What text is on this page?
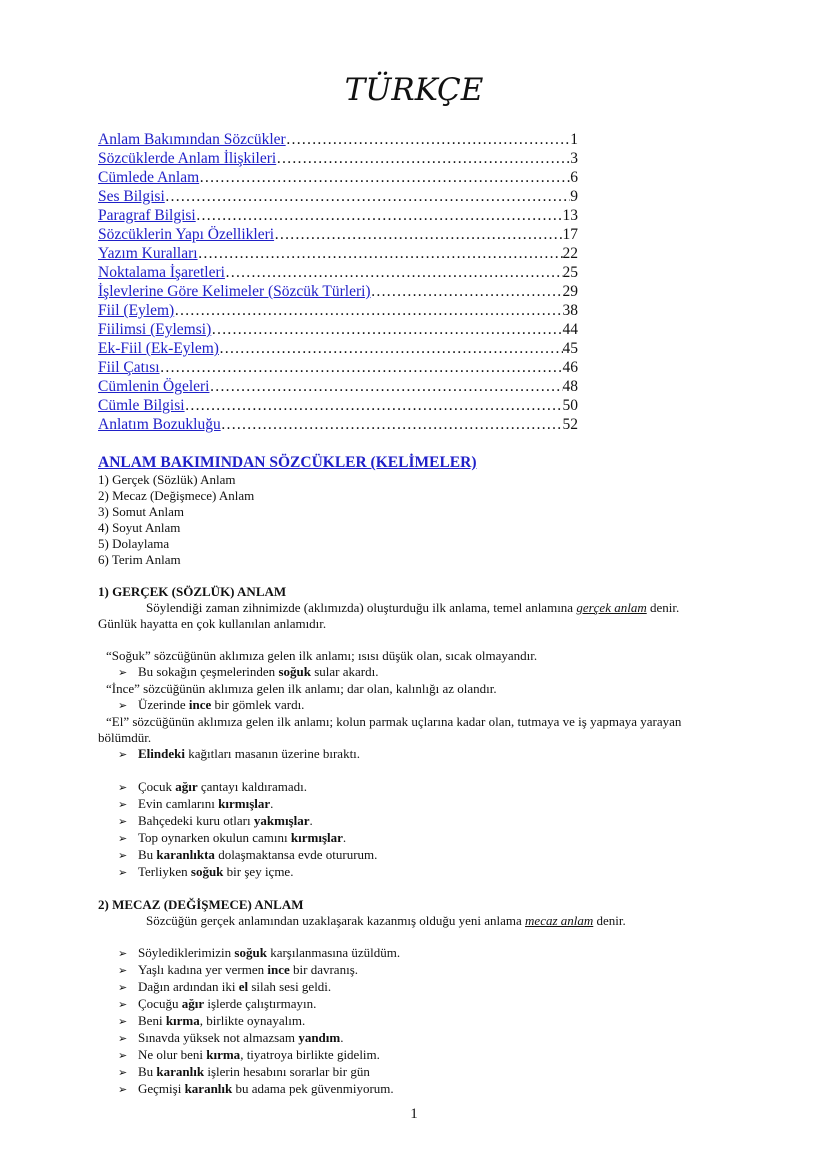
TÜRKÇE
Anlam Bakımından Sözcükler …………………………………………………………………………………………………………	1
Sözcüklerde Anlam İlişkileri …………………………………………………………………………………………………………	3
Cümlede Anlam …………………………………………………………………………………………………………	6
Ses Bilgisi …………………………………………………………………………………………………………	9
Paragraf Bilgisi …………………………………………………………………………………………………………	13
Sözcüklerin Yapı Özellikleri …………………………………………………………………………………………………………	17
Yazım Kuralları …………………………………………………………………………………………………………	22
Noktalama İşaretleri …………………………………………………………………………………………………………	25
İşlevlerine Göre Kelimeler (Sözcük Türleri) …………………………………………………………………………………………………………	29
Fiil (Eylem) …………………………………………………………………………………………………………	38
Fiilimsi (Eylemsi) …………………………………………………………………………………………………………	44
Ek-Fiil (Ek-Eylem) …………………………………………………………………………………………………………	45
Fiil Çatısı …………………………………………………………………………………………………………	46
Cümlenin Ögeleri …………………………………………………………………………………………………………	48
Cümle Bilgisi …………………………………………………………………………………………………………	50
Anlatım Bozukluğu …………………………………………………………………………………………………………	52
ANLAM BAKIMINDAN SÖZCÜKLER (KELİMELER)
1) Gerçek (Sözlük) Anlam
2) Mecaz (Değişmece) Anlam
3) Somut Anlam
4) Soyut Anlam
5) Dolaylama
6) Terim Anlam
1) GERÇEK (SÖZLÜK) ANLAM
Söylendiği zaman zihnimizde (aklımızda) oluşturduğu ilk anlama, temel anlamına gerçek anlam denir.
Günlük hayatta en çok kullanılan anlamıdır.
“Soğuk” sözcüğünün aklımıza gelen ilk anlamı; ısısı düşük olan, sıcak olmayandır.
➢ Bu sokağın çeşmelerinden soğuk sular akardı.
“İnce” sözcüğünün aklımıza gelen ilk anlamı; dar olan, kalınlığı az olandır.
➢ Üzerinde ince bir gömlek vardı.
“El” sözcüğünün aklımıza gelen ilk anlamı; kolun parmak uçlarına kadar olan, tutmaya ve iş yapmaya yarayan
bölümdür.
➢ Elindeki kağıtları masanın üzerine bıraktı.
➢ Çocuk ağır çantayı kaldıramadı.
➢ Evin camlarını kırmışlar.
➢ Bahçedeki kuru otları yakmışlar.
➢ Top oynarken okulun camını kırmışlar.
➢ Bu karanlıkta dolaşmaktansa evde otururum.
➢ Terliyken soğuk bir şey içme.
2) MECAZ (DEĞİŞMECE) ANLAM
Sözcüğün gerçek anlamından uzaklaşarak kazanmış olduğu yeni anlama mecaz anlam denir.
➢ Söylediklerimizin soğuk karşılanmasına üzüldüm.
➢ Yaşlı kadına yer vermen ince bir davranış.
➢ Dağın ardından iki el silah sesi geldi.
➢ Çocuğu ağır işlerde çalıştırmayın.
➢ Beni kırma, birlikte oynayalım.
➢ Sınavda yüksek not almazsam yandım.
➢ Ne olur beni kırma, tiyatroya birlikte gidelim.
➢ Bu karanlık işlerin hesabını sorarlar bir gün
➢ Geçmişi karanlık bu adama pek güvenmiyorum.
1
